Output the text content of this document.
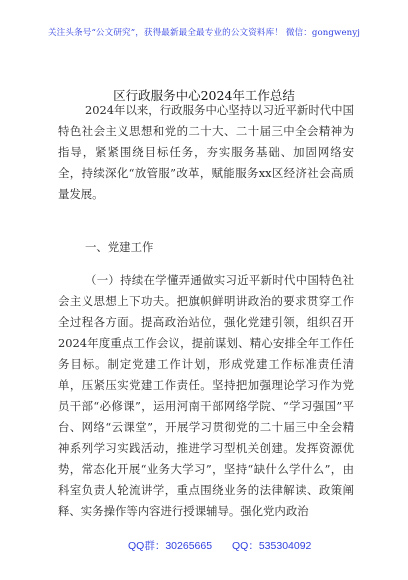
关注头条号“公文研究”，获得最新最全最专业的公文资料库！ 微信：gongwenyj
区行政服务中心2024年工作总结
2024年以来，行政服务中心坚持以习近平新时代中国特色社会主义思想和党的二十大、二十届三中全会精神为指导，紧紧围绕目标任务，夯实服务基础、加固网络安全，持续深化“放管服”改革，赋能服务xx区经济社会高质量发展。
一、党建工作
（一）持续在学懂弄通做实习近平新时代中国特色社会主义思想上下功夫。把旗帜鲜明讲政治的要求贯穿工作全过程各方面。提高政治站位，强化党建引领，组织召开2024年度重点工作会议，提前谋划、精心安排全年工作任务目标。制定党建工作计划，形成党建工作标准责任清单，压紧压实党建工作责任。坚持把加强理论学习作为党员干部“必修课”，运用河南干部网络学院、“学习强国”平台、网络“云课堂”，开展学习贯彻党的二十届三中全会精神系列学习实践活动，推进学习型机关创建。发挥资源优势，常态化开展“业务大学习”，坚持“缺什么学什么”，由科室负责人轮流讲学，重点围绕业务的法律解读、政策阐释、实务操作等内容进行授课辅导。强化党内政治
QQ群：30265665 QQ：535304092
